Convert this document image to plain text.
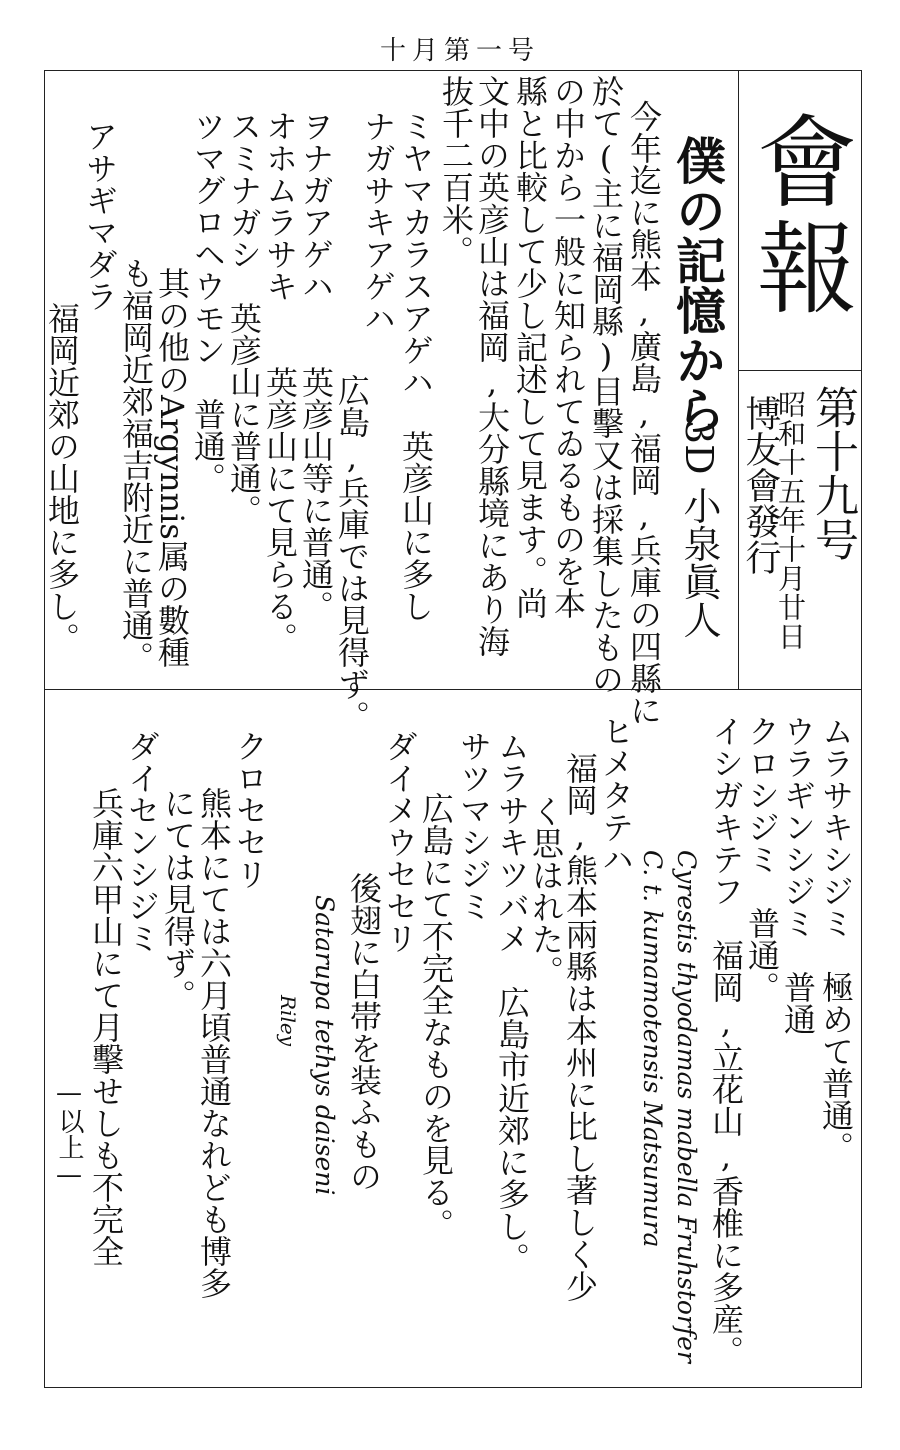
十月第一号
會報
第十九号
昭和十五年十月廿日
博友會發行
僕の記憶から
3D 小泉眞人
今年迄に熊本,廣島,福岡,兵庫の四縣に
於て(主に福岡縣)目擊又は採集したもの
の中から一般に知られてゐるものを本
縣と比較して少し記述して見ます。尚
文中の英彦山は福岡,大分縣境にあり海
抜千二百米。
ミヤマカラスアゲハ　英彦山に多し
ナガサキアゲハ
　　広島,兵庫では見得ず。
ヲナガアゲハ　　英彦山等に普通。
オホムラサキ　　英彦山にて見らる。
スミナガシ　英彦山に普通。
ツマグロヘウモン　普通。
　其の他のArgynnis属の數種
　も福岡近郊福吉附近に普通。
アサギマダラ
　福岡近郊の山地に多し。
ムラサキシジミ　極めて普通。
ウラギンシジミ　普通
クロシジミ　普通。
イシガキテフ　福岡,立花山,香椎に多産。
Cyrestis thyodamas mabella Fruhstorfer
C. t. kumamotensis Matsumura
ヒメタテハ
　福岡,熊本兩縣は本州に比し著しく少
く思はれた。
ムラサキツバメ　広島市近郊に多し。
サツマシジミ
　広島にて不完全なものを見る。
ダイメウセセリ
　後翅に白帯を装ふもの
Satarupa tethys daiseni
Riley
クロセセリ
　熊本にては六月頃普通なれども博多
　にては見得ず。
ダイセンシジミ
　兵庫六甲山にて月擊せしも不完全
　　　—以上—
